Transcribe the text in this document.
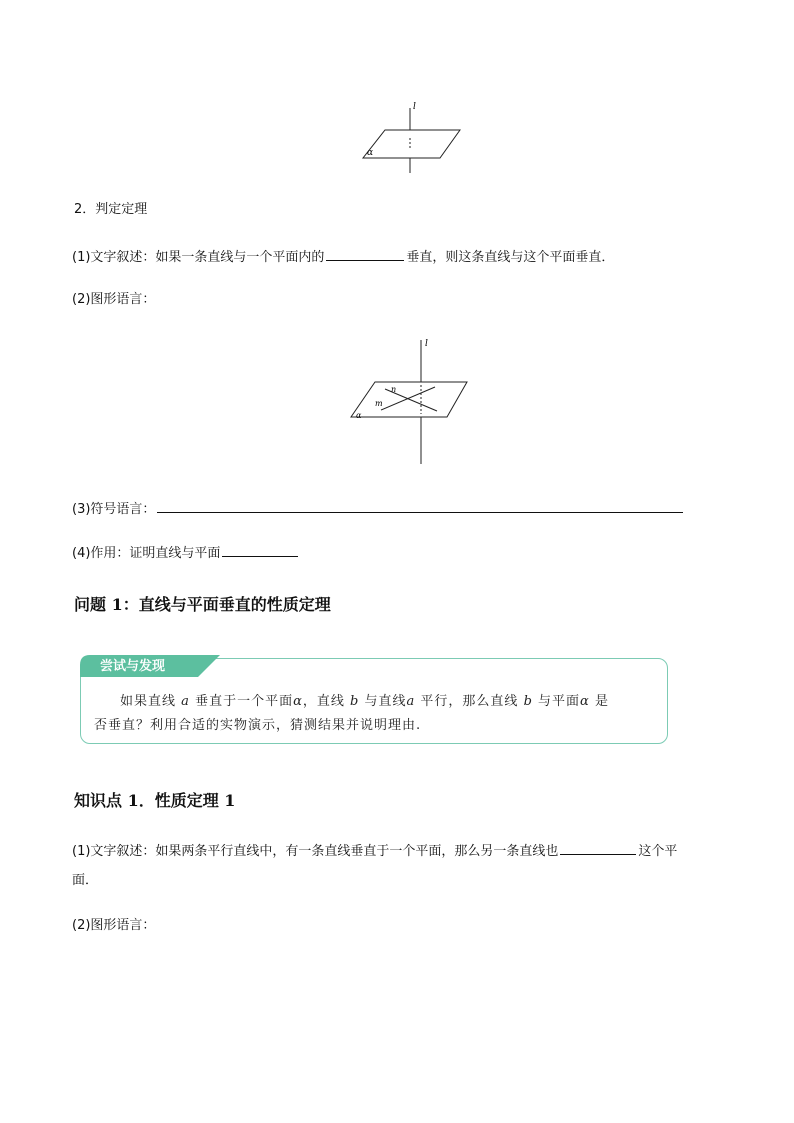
l
α
2．判定定理
(1)文字叙述：如果一条直线与一个平面内的	垂直，则这条直线与这个平面垂直．
(2)图形语言：
l
n
m
α
(3)符号语言：
(4)作用：证明直线与平面
问题 1：直线与平面垂直的性质定理
尝试与发现
如果直线 a 垂直于一个平面α，直线 b 与直线a 平行，那么直线 b 与平面α 是
否垂直？利用合适的实物演示，猜测结果并说明理由.
知识点 1．性质定理 1
(1)文字叙述：如果两条平行直线中，有一条直线垂直于一个平面，那么另一条直线也	这个平
面．
(2)图形语言：
